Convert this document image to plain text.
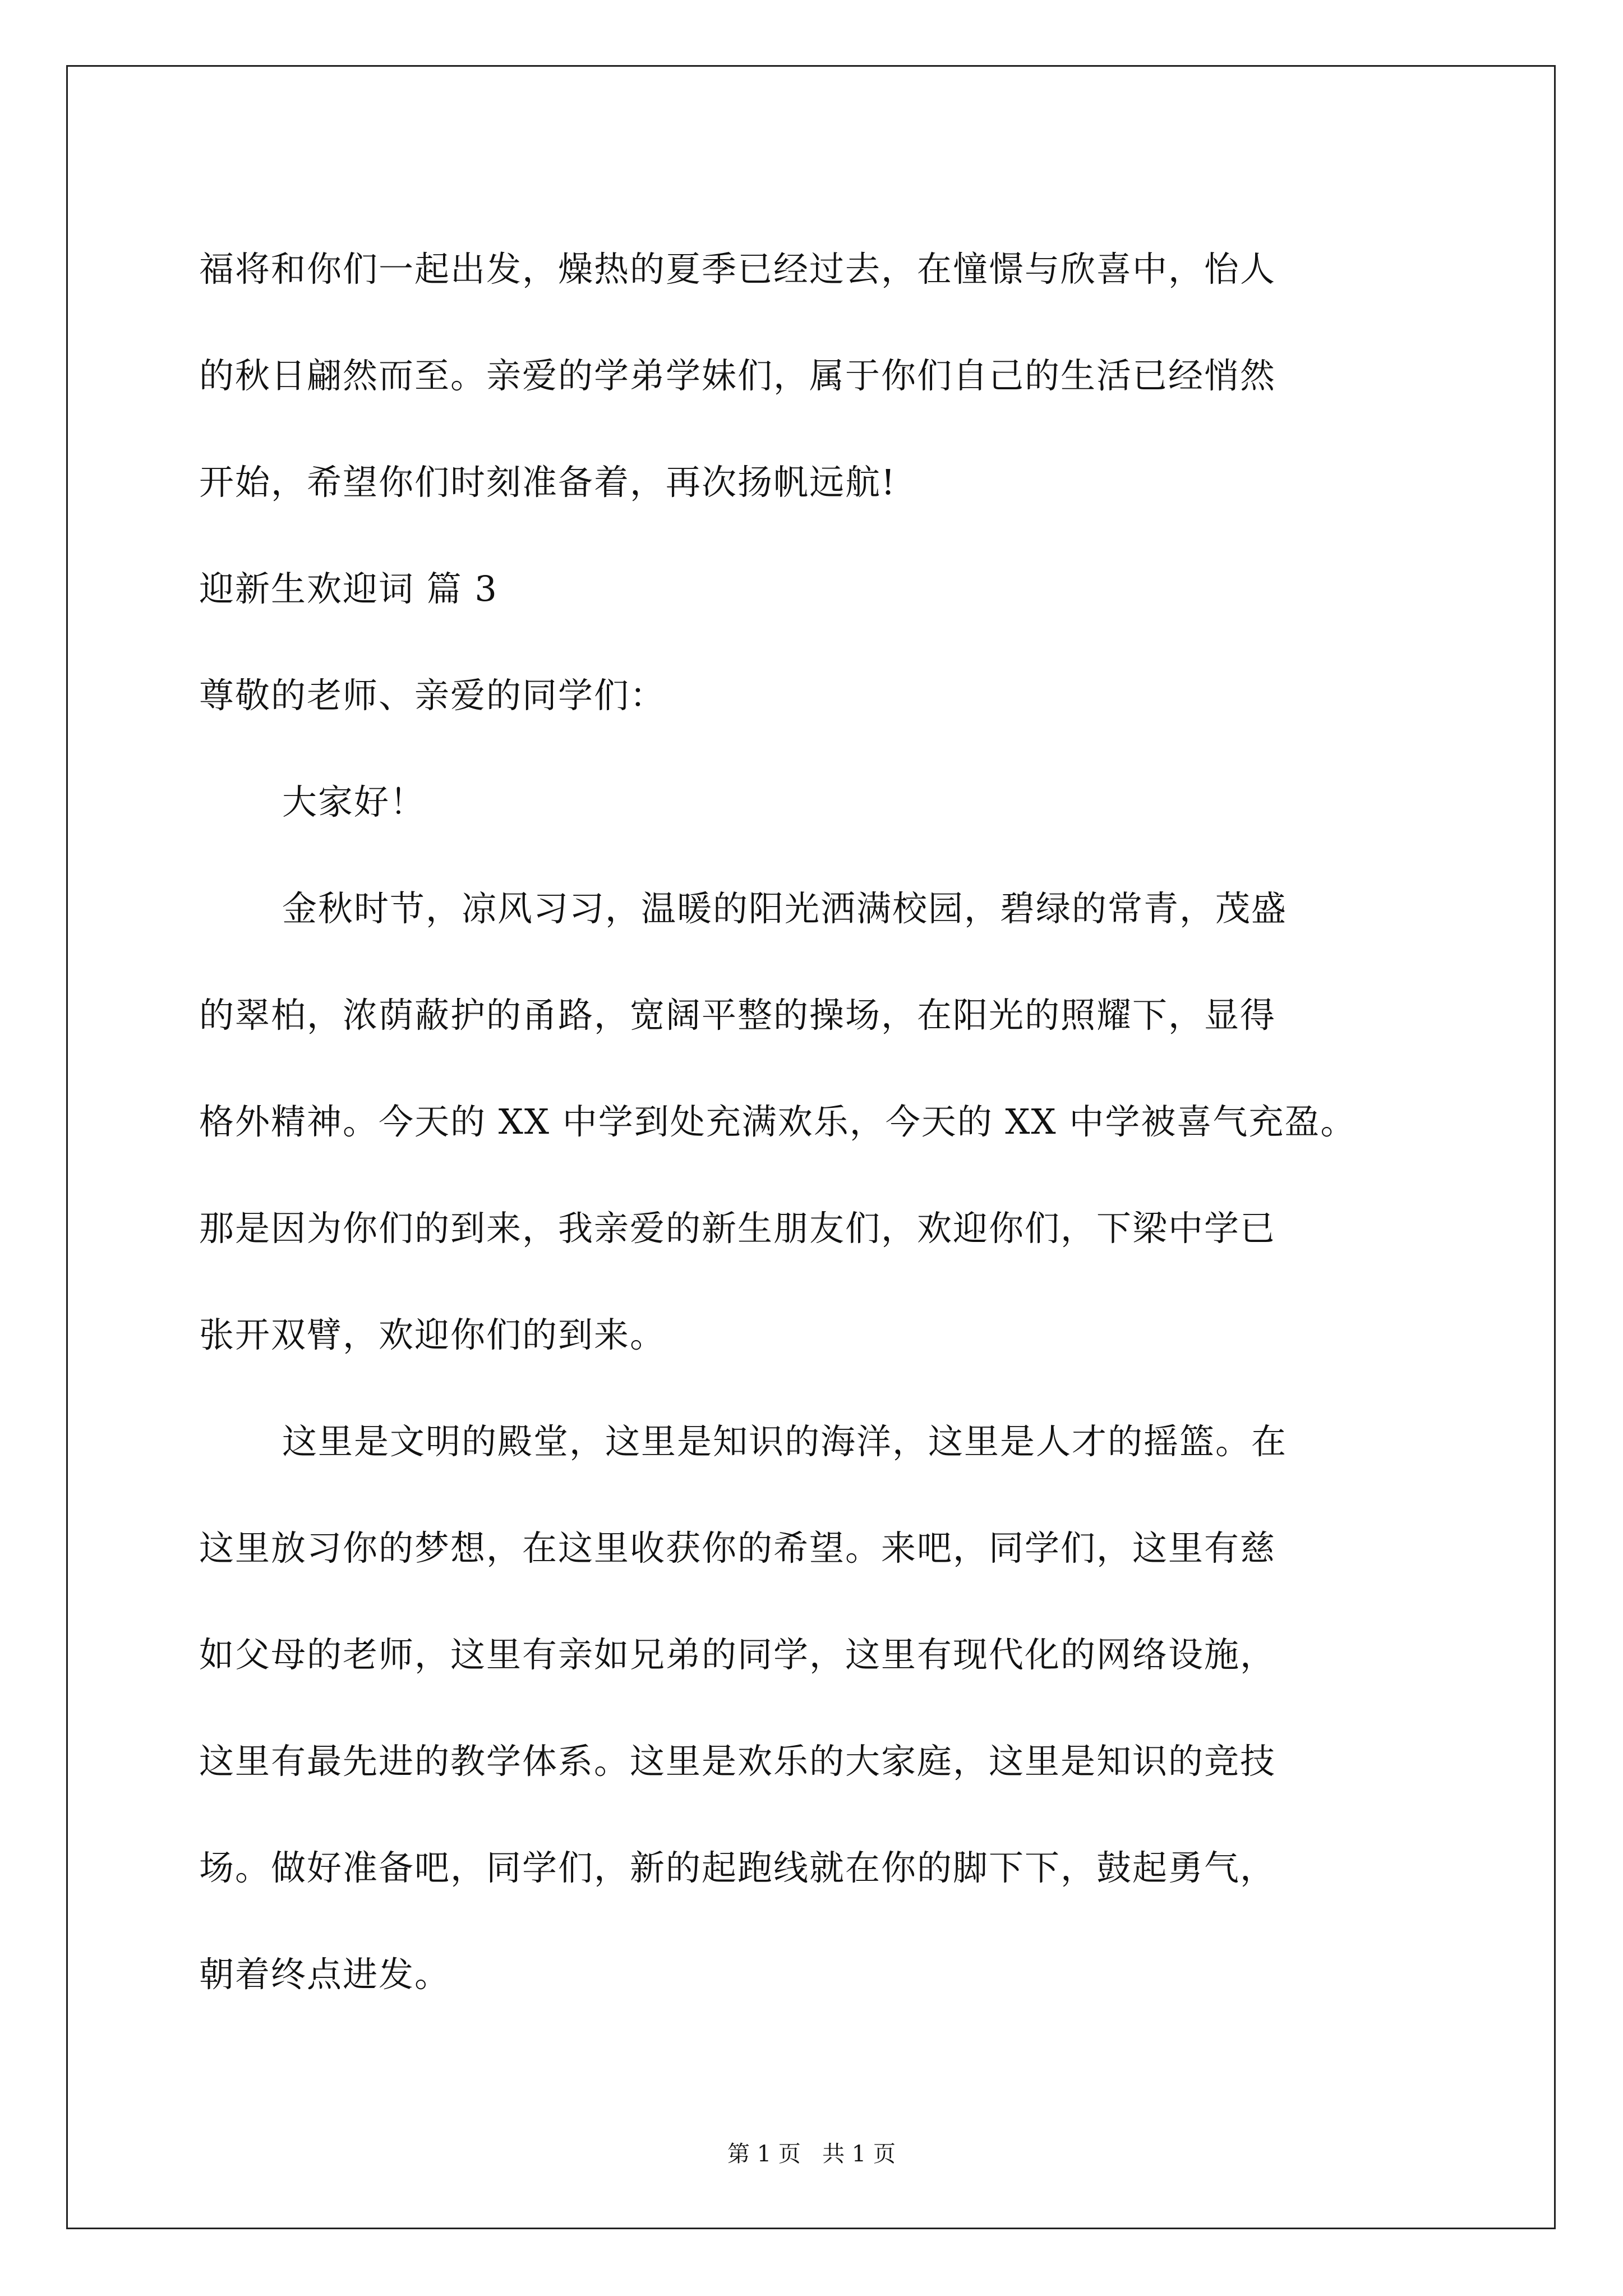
福将和你们一起出发，燥热的夏季已经过去，在憧憬与欣喜中，怡人
的秋日翩然而至。亲爱的学弟学妹们，属于你们自己的生活已经悄然
开始，希望你们时刻准备着，再次扬帆远航!
迎新生欢迎词 篇 3
尊敬的老师、亲爱的同学们：
大家好！
金秋时节，凉风习习，温暖的阳光洒满校园，碧绿的常青，茂盛
的翠柏，浓荫蔽护的甬路，宽阔平整的操场，在阳光的照耀下，显得
格外精神。今天的 XX 中学到处充满欢乐，今天的 XX 中学被喜气充盈。
那是因为你们的到来，我亲爱的新生朋友们，欢迎你们，下梁中学已
张开双臂，欢迎你们的到来。
这里是文明的殿堂，这里是知识的海洋，这里是人才的摇篮。在
这里放习你的梦想，在这里收获你的希望。来吧，同学们，这里有慈
如父母的老师，这里有亲如兄弟的同学，这里有现代化的网络设施，
这里有最先进的教学体系。这里是欢乐的大家庭，这里是知识的竞技
场。做好准备吧，同学们，新的起跑线就在你的脚下下，鼓起勇气，
朝着终点进发。
第 1 页   共 1 页
